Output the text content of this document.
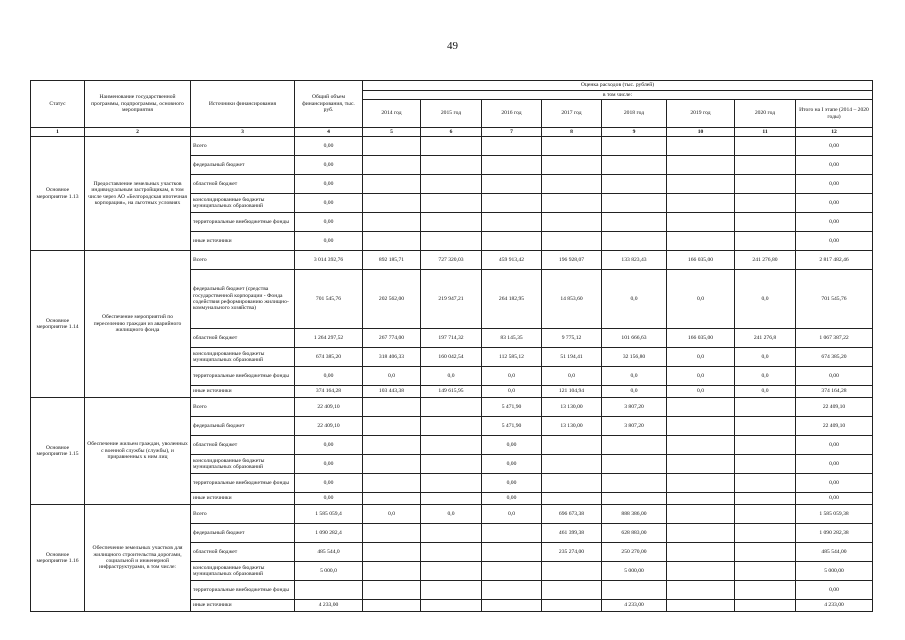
49
Статус	Наименование государственной программы, подпрограммы, основного мероприятия	Источники финансирования	Общий объем финансирования, тыс. руб.	Оценка расходов (тыс. рублей)							
				в том числе:							
				2014 год	2015 год	2016 год	2017 год	2018 год	2019 год	2020 год	Итого на I этапе (2014 – 2020 годы)
1	2	3	4	5	6	7	8	9	10	11	12
Основное мероприятие 1.13	Предоставление земельных участков индивидуальным застройщикам, в том числе через АО «Белгородская ипотечная корпорация», на льготных условиях	Всего	0,00								0,00
		федеральный бюджет	0,00								0,00
		областной бюджет	0,00								0,00
		консолидированные бюджеты муниципальных образований	0,00								0,00
		территориальные внебюджетные фонды	0,00								0,00
		иные источники	0,00								0,00
Основное мероприятие 1.14	Обеспечение мероприятий по переселению граждан из аварийного жилищного фонда	Всего	3 014 392,76	892 185,71	727 320,03	459 913,42	196 928,07	133 823,43	166 035,00	241 276,80	2 817 482,46
		федеральный бюджет (средства государственной корпорации - Фонда содействия реформированию жилищно-коммунального хозяйства)	701 545,76	202 562,00	219 947,21	264 182,95	14 853,60	0,0	0,0	0,0	701 545,76
		областной бюджет	1 264 297,52	267 774,00	197 714,32	83 145,35	9 775,12	101 666,63	166 035,00	241 276,8	1 067 387,22
		консолидированные бюджеты муниципальных образований	674 385,20	318 406,33	160 042,54	112 585,12	51 194,41	32 156,80	0,0	0,0	674 385,20
		территориальные внебюджетные фонды	0,00	0,0	0,0	0,0	0,0	0,0	0,0	0,0	0,00
		иные источники	374 164,28	103 443,38	149 615,95	0,0	121 104,94	0,0	0,0	0,0	374 164,28
Основное мероприятие 1.15	Обеспечение жильем граждан, уволенных с военной службы (службы), и приравненных к ним лиц	Всего	22 409,10			5 471,90	13 130,00	3 807,20			22 409,10
		федеральный бюджет	22 409,10			5 471,90	13 130,00	3 807,20			22 409,10
		областной бюджет	0,00			0,00					0,00
		консолидированные бюджеты муниципальных образований	0,00			0,00					0,00
		территориальные внебюджетные фонды	0,00			0,00					0,00
		иные источники	0,00			0,00					0,00
Основное мероприятие 1.16	Обеспечение земельных участков для жилищного строительства дорогами, социальной и инженерной инфраструктурами, в том числе:	Всего	1 585 059,4	0,0	0,0	0,0	696 673,38	888 386,00			1 585 059,38
		федеральный бюджет	1 090 282,4				461 399,38	628 883,00			1 090 282,38
		областной бюджет	485 544,0				235 274,00	250 270,00			485 544,00
		консолидированные бюджеты муниципальных образований	5 000,0					5 000,00			5 000,00
		территориальные внебюджетные фонды									0,00
		иные источники	4 233,00					4 233,00			4 233,00
